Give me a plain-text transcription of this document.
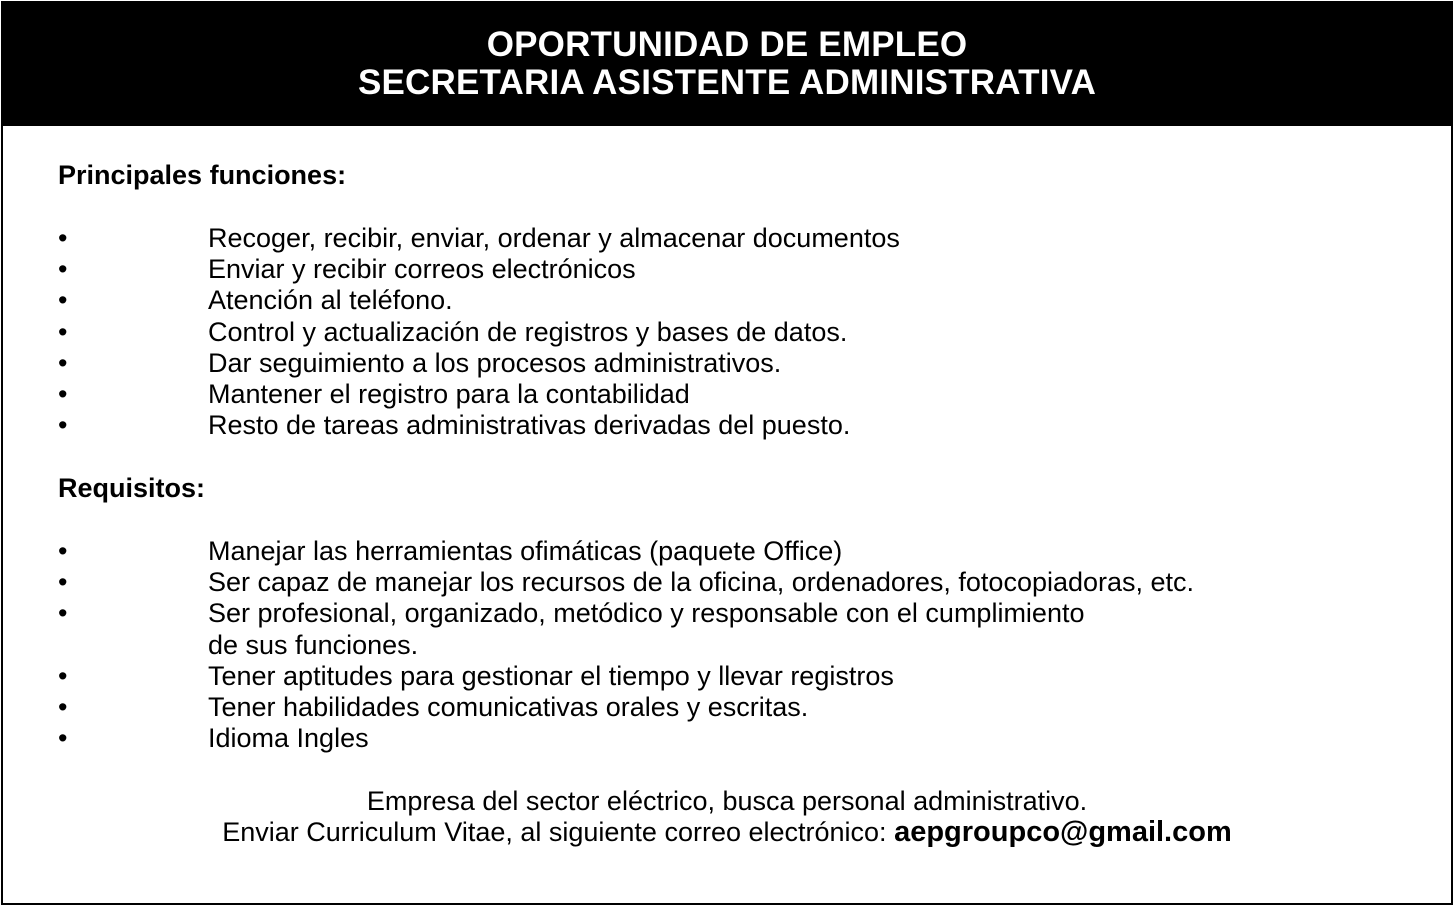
OPORTUNIDAD DE EMPLEO
SECRETARIA ASISTENTE ADMINISTRATIVA
Principales funciones:
•	Recoger, recibir, enviar, ordenar y almacenar documentos
•	Enviar y recibir correos electrónicos
•	Atención al teléfono.
•	Control y actualización de registros y bases de datos.
•	Dar seguimiento a los procesos administrativos.
•	Mantener el registro para la contabilidad
•	Resto de tareas administrativas derivadas del puesto.
Requisitos:
•	Manejar las herramientas ofimáticas (paquete Office)
•	Ser capaz de manejar los recursos de la oficina, ordenadores, fotocopiadoras, etc.
•	Ser profesional, organizado, metódico y responsable con el cumplimiento
de sus funciones.
•	Tener aptitudes para gestionar el tiempo y llevar registros
•	Tener habilidades comunicativas orales y escritas.
•	Idioma Ingles
Empresa del sector eléctrico, busca personal administrativo.
Enviar Curriculum Vitae, al siguiente correo electrónico: aepgroupco@gmail.com
